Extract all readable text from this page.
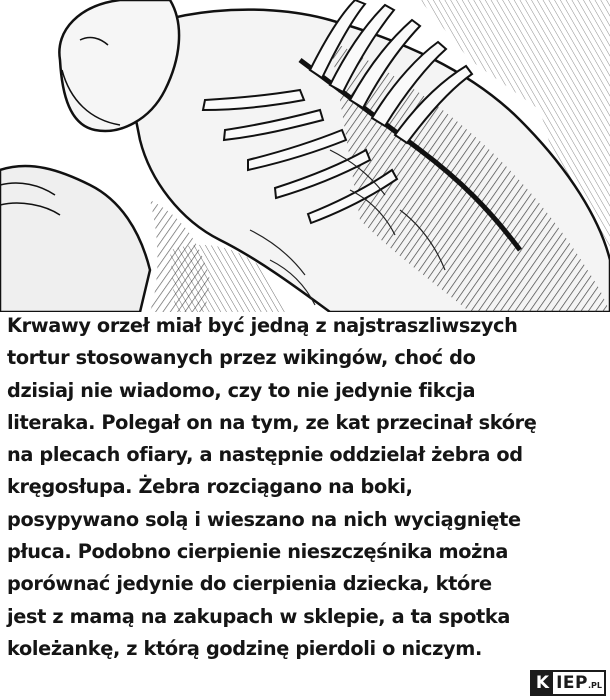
Krwawy orzeł miał być jedną z najstraszliwszych
tortur stosowanych przez wikingów, choć do
dzisiaj nie wiadomo, czy to nie jedynie fikcja
literaka. Polegał on na tym, ze kat przecinał skórę
na plecach ofiary, a następnie oddzielał żebra od
kręgosłupa. Żebra rozciągano na boki,
posypywano solą i wieszano na nich wyciągnięte
płuca. Podobno cierpienie nieszczęśnika można
porównać jedynie do cierpienia dziecka, które
jest z mamą na zakupach w sklepie, a ta spotka
koleżankę, z którą godzinę pierdoli o niczym.

K IEP.PL
